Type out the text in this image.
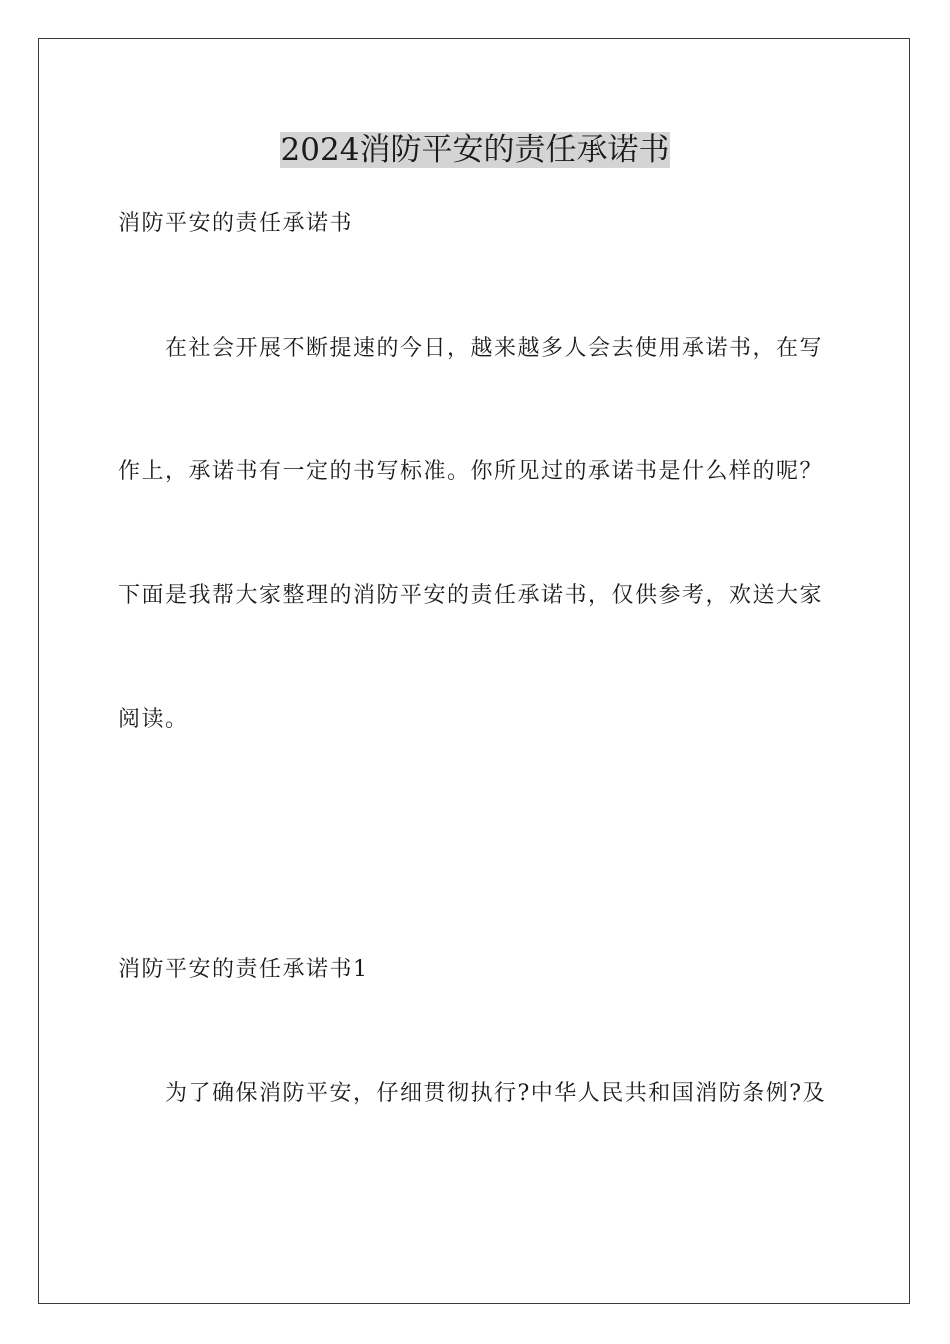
2024消防平安的责任承诺书

消防平安的责任承诺书

　　在社会开展不断提速的今日，越来越多人会去使用承诺书，在写

作上，承诺书有一定的书写标准。你所见过的承诺书是什么样的呢？

下面是我帮大家整理的消防平安的责任承诺书，仅供参考，欢送大家

阅读。

消防平安的责任承诺书1

　　为了确保消防平安，仔细贯彻执行?中华人民共和国消防条例?及
